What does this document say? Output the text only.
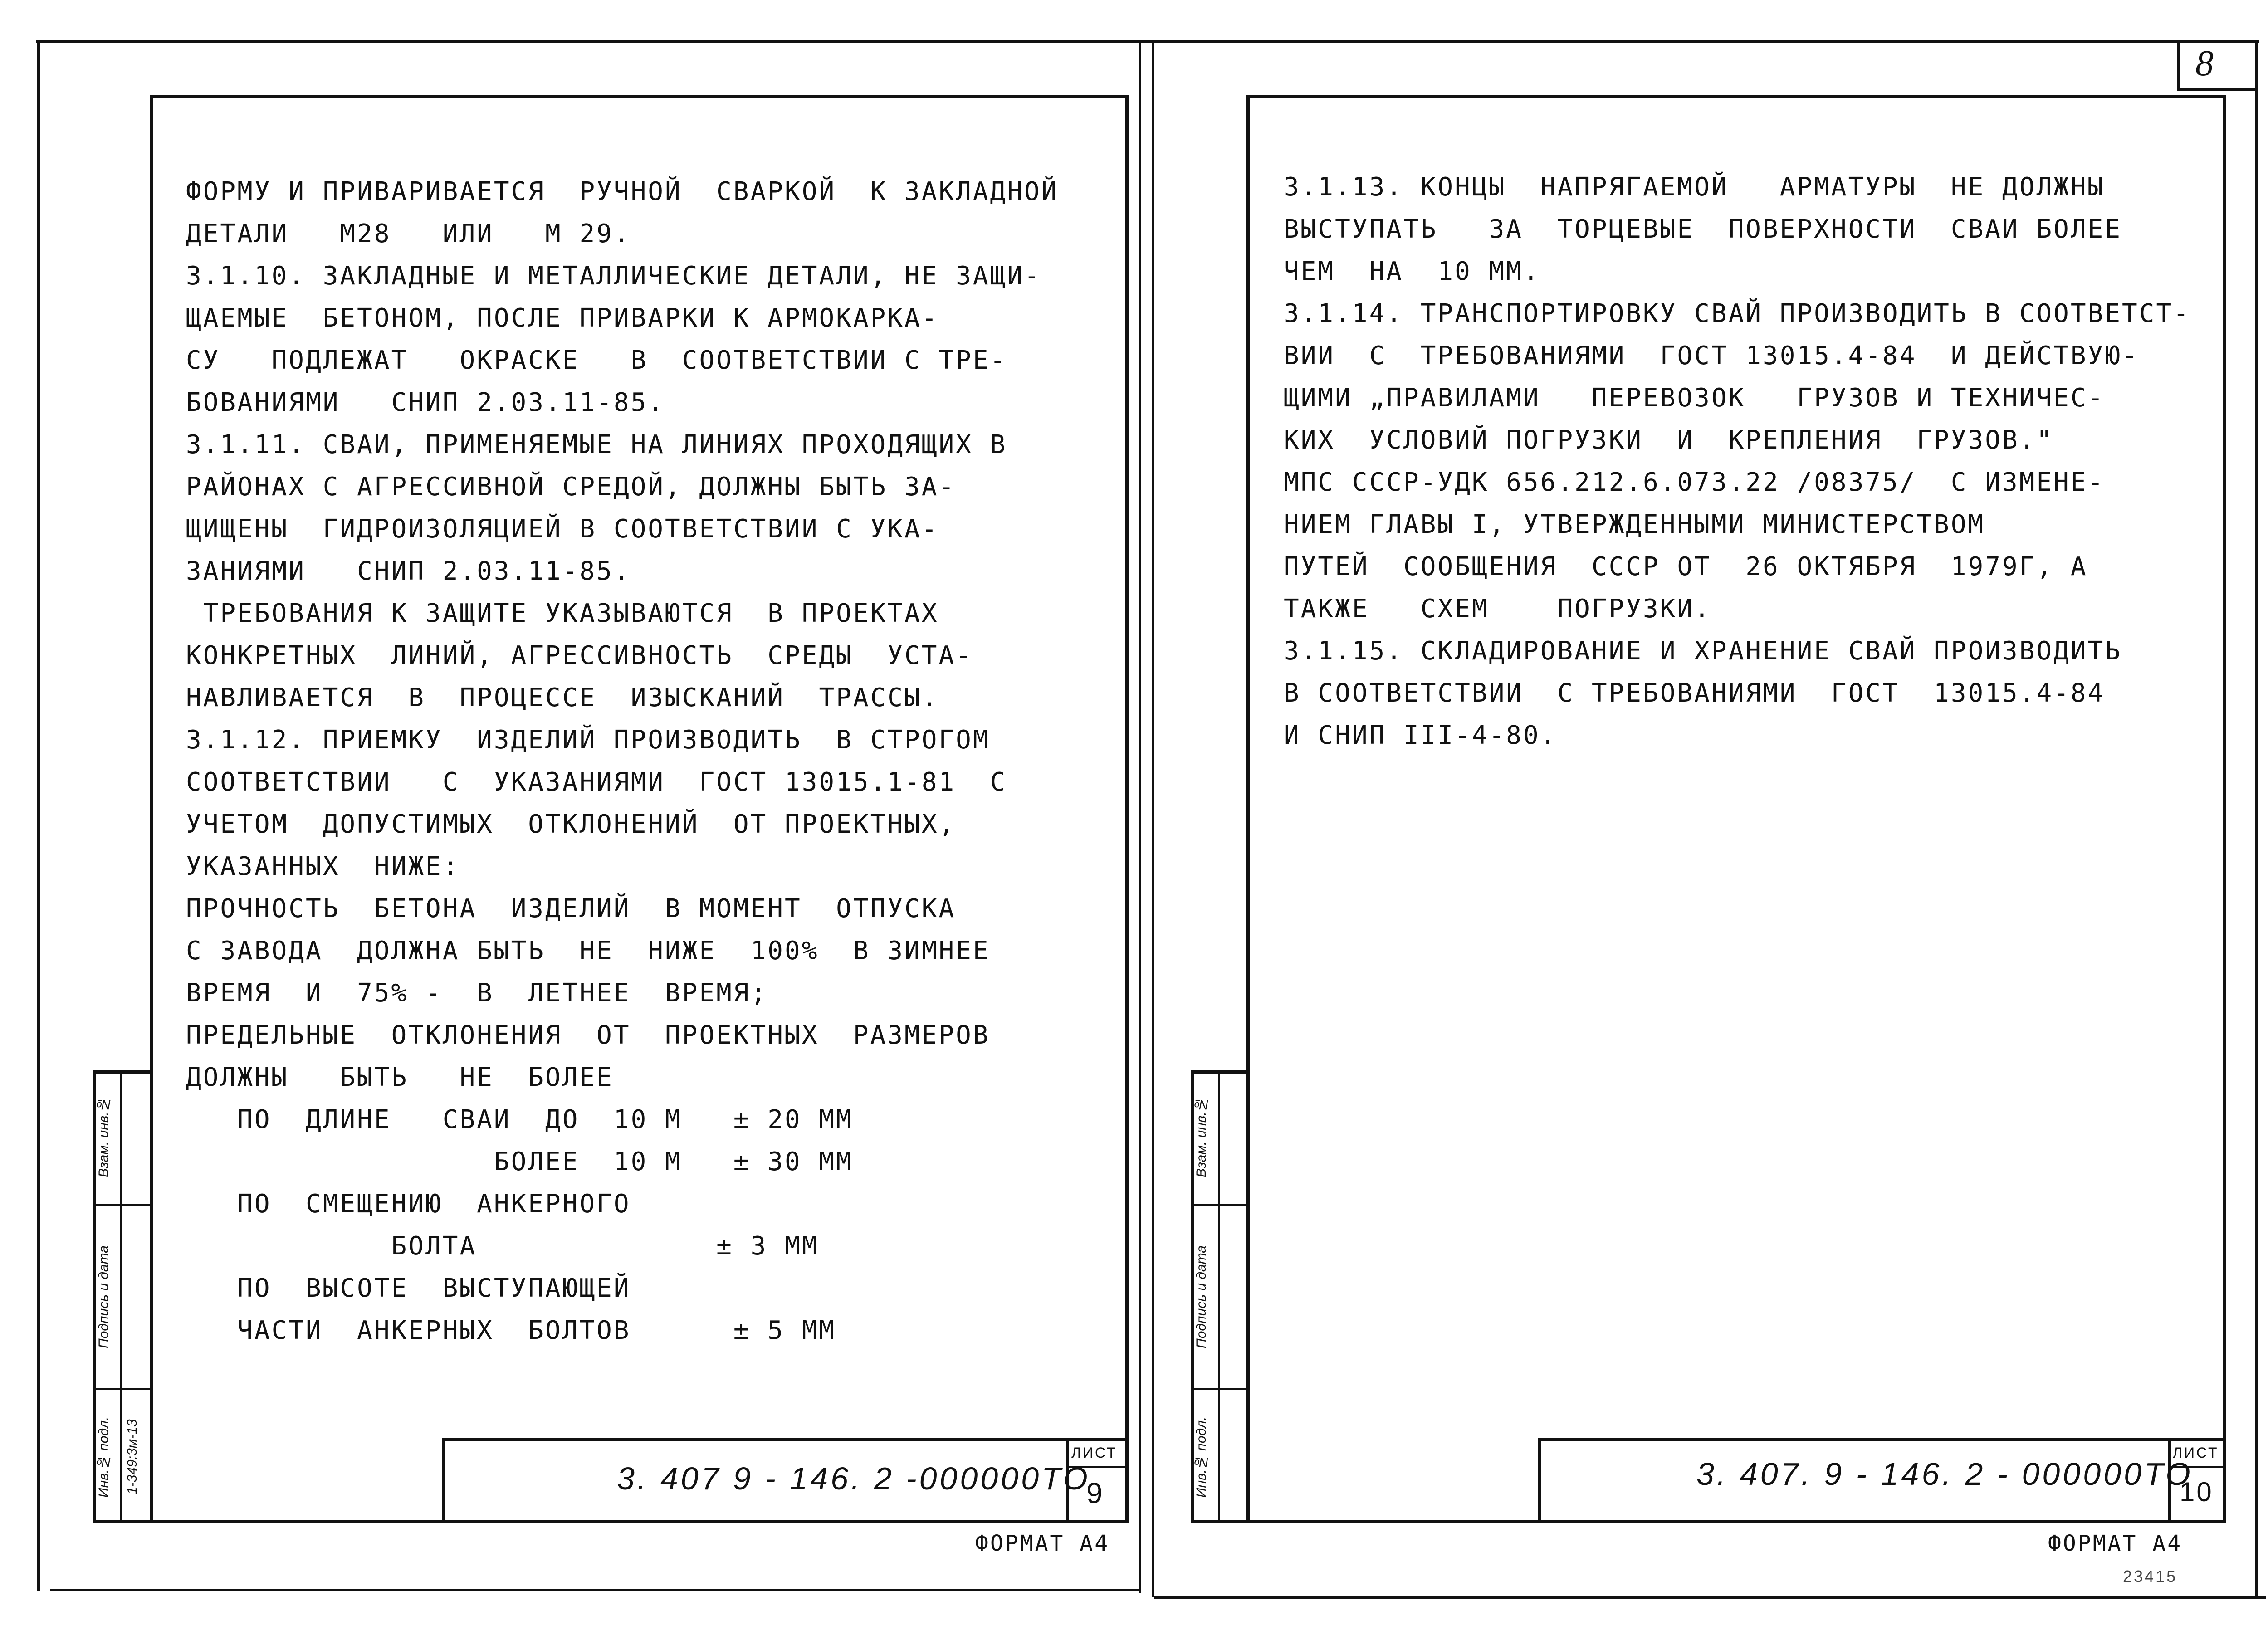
8
ФОРМУ И ПРИВАРИВАЕТСЯ  РУЧНОЙ  СВАРКОЙ  К ЗАКЛАДНОЙ
ДЕТАЛИ   М28   ИЛИ   М 29.
3.1.10. ЗАКЛАДНЫЕ И МЕТАЛЛИЧЕСКИЕ ДЕТАЛИ, НЕ ЗАЩИ-
ЩАЕМЫЕ  БЕТОНОМ, ПОСЛЕ ПРИВАРКИ К АРМОКАРКА-
СУ   ПОДЛЕЖАТ   ОКРАСКЕ   В  СООТВЕТСТВИИ С ТРЕ-
БОВАНИЯМИ   СНИП 2.03.11-85.
3.1.11. СВАИ, ПРИМЕНЯЕМЫЕ НА ЛИНИЯХ ПРОХОДЯЩИХ В
РАЙОНАХ С АГРЕССИВНОЙ СРЕДОЙ, ДОЛЖНЫ БЫТЬ ЗА-
ЩИЩЕНЫ  ГИДРОИЗОЛЯЦИЕЙ В СООТВЕТСТВИИ С УКА-
ЗАНИЯМИ   СНИП 2.03.11-85.
ТРЕБОВАНИЯ К ЗАЩИТЕ УКАЗЫВАЮТСЯ  В ПРОЕКТАХ
КОНКРЕТНЫХ  ЛИНИЙ, АГРЕССИВНОСТЬ  СРЕДЫ  УСТА-
НАВЛИВАЕТСЯ  В  ПРОЦЕССЕ  ИЗЫСКАНИЙ  ТРАССЫ.
3.1.12. ПРИЕМКУ  ИЗДЕЛИЙ ПРОИЗВОДИТЬ  В СТРОГОМ
СООТВЕТСТВИИ   С  УКАЗАНИЯМИ  ГОСТ 13015.1-81  С
УЧЕТОМ  ДОПУСТИМЫХ  ОТКЛОНЕНИЙ  ОТ ПРОЕКТНЫХ,
УКАЗАННЫХ  НИЖЕ:
ПРОЧНОСТЬ  БЕТОНА  ИЗДЕЛИЙ  В МОМЕНТ  ОТПУСКА
С ЗАВОДА  ДОЛЖНА БЫТЬ  НЕ  НИЖЕ  100%  В ЗИМНЕЕ
ВРЕМЯ  И  75% -  В  ЛЕТНЕЕ  ВРЕМЯ;
ПРЕДЕЛЬНЫЕ  ОТКЛОНЕНИЯ  ОТ  ПРОЕКТНЫХ  РАЗМЕРОВ
ДОЛЖНЫ   БЫТЬ   НЕ  БОЛЕЕ
ПО  ДЛИНЕ   СВАИ  ДО  10 М   ± 20 ММ
БОЛЕЕ  10 М   ± 30 ММ
ПО  СМЕЩЕНИЮ  АНКЕРНОГО
БОЛТА              ± 3 ММ
ПО  ВЫСОТЕ  ВЫСТУПАЮЩЕЙ
ЧАСТИ  АНКЕРНЫХ  БОЛТОВ      ± 5 ММ
3. 407 9 - 146. 2 -000000ТО
ЛИСТ
9
ФОРМАТ А4
Инв.№ подл.
Подпись и дата
Взам. инв.№
1-349:3м-13
3.1.13. КОНЦЫ  НАПРЯГАЕМОЙ   АРМАТУРЫ  НЕ ДОЛЖНЫ
ВЫСТУПАТЬ   ЗА  ТОРЦЕВЫЕ  ПОВЕРХНОСТИ  СВАИ БОЛЕЕ
ЧЕМ  НА  10 ММ.
3.1.14. ТРАНСПОРТИРОВКУ СВАЙ ПРОИЗВОДИТЬ В СООТВЕТСТ-
ВИИ  С  ТРЕБОВАНИЯМИ  ГОСТ 13015.4-84  И ДЕЙСТВУЮ-
ЩИМИ „ПРАВИЛАМИ   ПЕРЕВОЗОК   ГРУЗОВ И ТЕХНИЧЕС-
КИХ  УСЛОВИЙ ПОГРУЗКИ  И  КРЕПЛЕНИЯ  ГРУЗОВ."
МПС СССР-УДК 656.212.6.073.22 /08375/  С ИЗМЕНЕ-
НИЕМ ГЛАВЫ I, УТВЕРЖДЕННЫМИ МИНИСТЕРСТВОМ
ПУТЕЙ  СООБЩЕНИЯ  СССР ОТ  26 ОКТЯБРЯ  1979Г, А
ТАКЖЕ   СХЕМ    ПОГРУЗКИ.
3.1.15. СКЛАДИРОВАНИЕ И ХРАНЕНИЕ СВАЙ ПРОИЗВОДИТЬ
В СООТВЕТСТВИИ  С ТРЕБОВАНИЯМИ  ГОСТ  13015.4-84
И СНИП III-4-80.
3. 407. 9 - 146. 2 - 000000ТО
ЛИСТ
10
ФОРМАТ А4
23415
Инв.№ подл.
Подпись и дата
Взам. инв.№
